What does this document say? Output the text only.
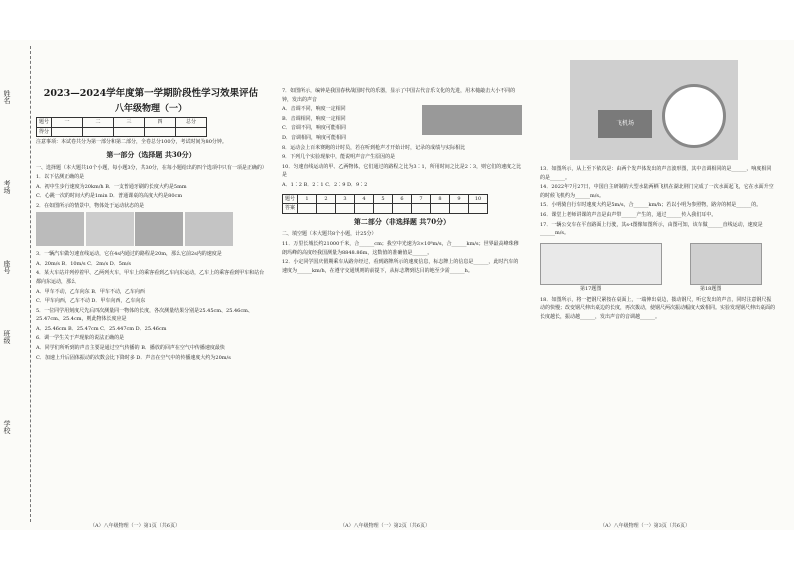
姓名
考场
座号
班级
学校
2023—2024学年度第一学期阶段性学习效果评估
八年级物理（一）
题号	一	二	三	四	总分
得分					
注意事项：本试卷共分为第一部分和第二部分，全卷总分100分，考试时间为80分钟。
第一部分（选择题 共30分）
一、选择题（本大题共10个小题，每小题3分，共30分，在每小题给出的四个选项中只有一项是正确的）
1．以下估测正确的是
A．初中生步行速度为20km/h B．一支普通牙刷的长度大约是5mm
C．心跳一次的时间大约是1min D．普通课桌的高度大约是80cm
2．在如图所示的情景中，物体处于运动状态的是

3．一辆汽车做匀速直线运动，它在4s内通过的路程是20m，那么它前2s内的速度是
A．20m/s B．10m/s C．2m/s D．5m/s
4．某大车站并列停着甲、乙两列火车，甲车上的乘客看到乙车向东运动，乙车上的乘客看到甲车和站台都向东运动，那么
A．甲车不动，乙车向东 B．甲车不动，乙车向西
C．甲车向西，乙车不动 D．甲车向西，乙车向东
5．一位同学用刻度尺先后四次测量同一物体的长度，各次测量结果分别是25.45cm、25.46cm、25.47cm、25.4cm，则此物体长度应是
A．25.46cm B．25.47cm C．25.447cm D．25.46cm
6．调一学生关于声现象的说法正确的是
A．同学们所听到的声音主要是通过空气传播的 B．播放的回声在空气中传播速度最快
C．加速上升后固体振动的次数会比下降时多 D．声音在空气中的传播速度大约为20m/s
7．如图所示，编钟是我国春秋战国时代的乐器，显示了中国古代音乐文化的先进，用木槌敲击大小不同的钟，发出的声音
A．音调不同，响度一定相同
B．音调相同，响度一定相同
C．音调不同，响度可能相同
D．音调相同，响度可能相同
8．运动会上百米赛跑的计时员，若在听到枪声才开始计时，记录的成绩与实际相比
9．下列几个实验现象中，能说明声音产生原因的是
10．匀速直线运动的甲、乙两物体，它们通过的路程之比为3∶1，所用时间之比是2∶3，则它们的速度之比是
A．1∶2 B．2∶1 C．2∶9 D．9∶2
题号	1	2	3	4	5	6	7	8	9	10
答案										
第二部分（非选择题 共70分）
二、填空题（本大题共8个小题，计25分）
11．万里长城长约21000千米，合______cm；我空中光速为3×10⁸m/s，合______km/s；世界最高峰珠穆朗玛峰的高度经我国测量为8848.86m，这数值的准确值是______。
12．小定同学国庆假期乘车从路旁经过，看到路牌所示的速度信息，标志牌上的信息是______，此时汽车的速度为______km/h，在遵守交通规则的前提下，从标志牌到达目的地至少需______h。
飞机场
13．如图所示，从上至下依次是：由两个发声体发出的声音波形图，其中音调相同的是______，响度相同的是______。
14．2022年7月27日，中国自主研制的大型水陆两栖飞机在湖北荆门完成了一次水面起飞，它在水面升空的时候飞机约为______m/s。
15．小明骑自行车时速度大约是5m/s，合______km/h；若以小明为参照物，路旁的树是______的。
16．课堂上老师讲课的声音是由声带______产生的，通过______传入我们耳中。
17．一辆公交车在平直路面上行驶，其s-t图像如图所示，由图可知，该车做______直线运动，速度是______m/s。
第17题图	第18题图
18．如图所示，将一把钢尺紧按在桌面上，一端伸出桌边，拨动钢尺，听它发出的声音，同时注意钢尺振动的快慢；改变钢尺伸出桌边的长度，再次拨动，使钢尺两次振动幅度大致相同。实验发现钢尺伸出桌面的长度越长，振动越______，发出声音的音调越______。
（A）八年级物理（一）第1页（共6页）	（A）八年级物理（一）第2页（共6页）	（A）八年级物理（一）第3页（共6页）
